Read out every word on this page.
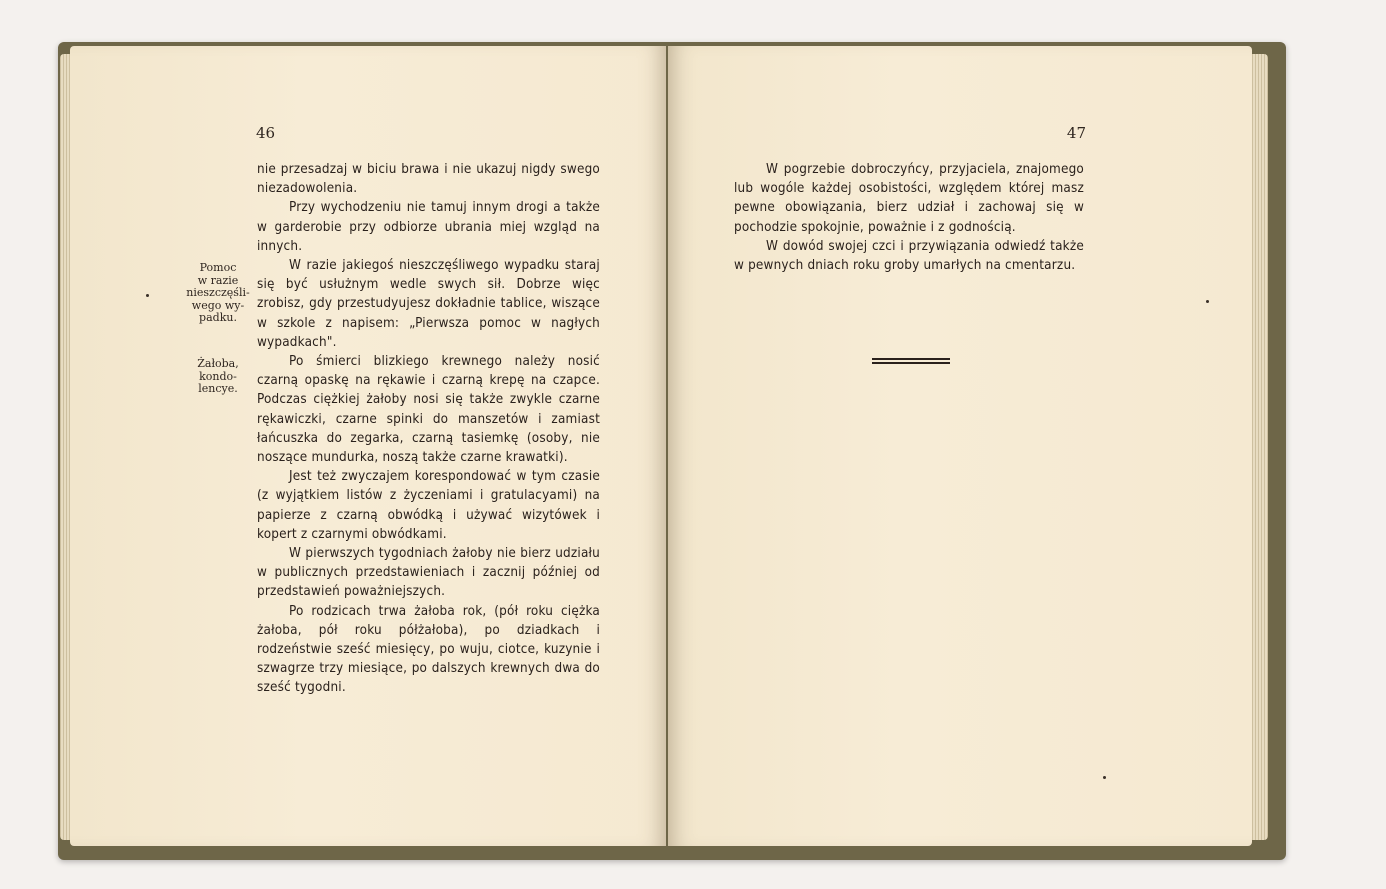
46
Pomoc
w razie
nieszczęśli-
wego wy-
padku.
Żałoba,
kondo-
lencye.

nie przesadzaj w biciu brawa i nie ukazuj nigdy swego niezadowolenia.

Przy wychodzeniu nie tamuj innym drogi a także w garderobie przy odbiorze ubrania miej wzgląd na innych.

W razie jakiegoś nieszczęśliwego wypadku staraj się być usłużnym wedle swych sił. Dobrze więc zrobisz, gdy przestudyujesz dokładnie tablice, wiszące w szkole z napisem: „Pierwsza pomoc w nagłych wypadkach".

Po śmierci blizkiego krewnego należy nosić czarną opaskę na rękawie i czarną krepę na czapce. Podczas ciężkiej żałoby nosi się także zwykle czarne rękawiczki, czarne spinki do manszetów i zamiast łańcuszka do zegarka, czarną tasiemkę (osoby, nie noszące mundurka, noszą także czarne krawatki).

Jest też zwyczajem korespondować w tym czasie (z wyjątkiem listów z życzeniami i gratulacyami) na papierze z czarną obwódką i używać wizytówek i kopert z czarnymi obwódkami.

W pierwszych tygodniach żałoby nie bierz udziału w publicznych przedstawieniach i zacznij później od przedstawień poważniejszych.

Po rodzicach trwa żałoba rok, (pół roku ciężka żałoba, pół roku półżałoba), po dziadkach i rodzeństwie sześć miesięcy, po wuju, ciotce, kuzynie i szwagrze trzy miesiące, po dalszych krewnych dwa do sześć tygodni.

47

W pogrzebie dobroczyńcy, przyjaciela, znajomego lub wogóle każdej osobistości, względem której masz pewne obowiązania, bierz udział i zachowaj się w pochodzie spokojnie, poważnie i z godnością.

W dowód swojej czci i przywiązania odwiedź także w pewnych dniach roku groby umarłych na cmentarzu.
